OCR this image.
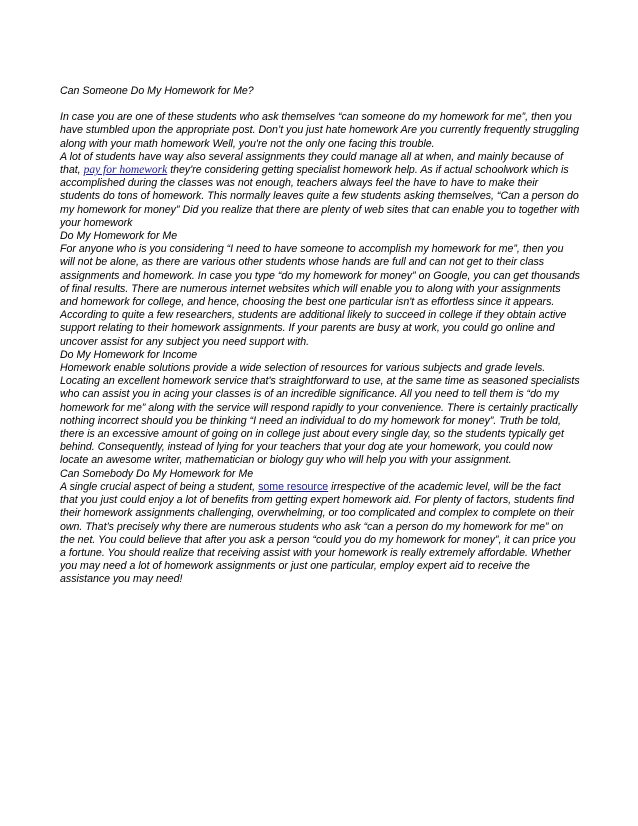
Can Someone Do My Homework for Me?

In case you are one of these students who ask themselves “can someone do my homework for me”, then you have stumbled upon the appropriate post. Don’t you just hate homework Are you currently frequently struggling along with your math homework Well, you're not the only one facing this trouble.

A lot of students have way also several assignments they could manage all at when, and mainly because of that, pay for homework they're considering getting specialist homework help. As if actual schoolwork which is accomplished during the classes was not enough, teachers always feel the have to have to make their students do tons of homework. This normally leaves quite a few students asking themselves, “Can a person do my homework for money” Did you realize that there are plenty of web sites that can enable you to together with your homework

Do My Homework for Me

For anyone who is you considering “I need to have someone to accomplish my homework for me”, then you will not be alone, as there are various other students whose hands are full and can not get to their class assignments and homework. In case you type “do my homework for money” on Google, you can get thousands of final results. There are numerous internet websites which will enable you to along with your assignments and homework for college, and hence, choosing the best one particular isn't as effortless since it appears. According to quite a few researchers, students are additional likely to succeed in college if they obtain active support relating to their homework assignments. If your parents are busy at work, you could go online and uncover assist for any subject you need support with.

Do My Homework for Income

Homework enable solutions provide a wide selection of resources for various subjects and grade levels. Locating an excellent homework service that's straightforward to use, at the same time as seasoned specialists who can assist you in acing your classes is of an incredible significance. All you need to tell them is “do my homework for me” along with the service will respond rapidly to your convenience. There is certainly practically nothing incorrect should you be thinking “I need an individual to do my homework for money”. Truth be told, there is an excessive amount of going on in college just about every single day, so the students typically get behind. Consequently, instead of lying for your teachers that your dog ate your homework, you could now locate an awesome writer, mathematician or biology guy who will help you with your assignment.

Can Somebody Do My Homework for Me

A single crucial aspect of being a student, some resource irrespective of the academic level, will be the fact that you just could enjoy a lot of benefits from getting expert homework aid. For plenty of factors, students find their homework assignments challenging, overwhelming, or too complicated and complex to complete on their own. That’s precisely why there are numerous students who ask “can a person do my homework for me” on the net. You could believe that after you ask a person “could you do my homework for money”, it can price you a fortune. You should realize that receiving assist with your homework is really extremely affordable. Whether you may need a lot of homework assignments or just one particular, employ expert aid to receive the assistance you may need!
